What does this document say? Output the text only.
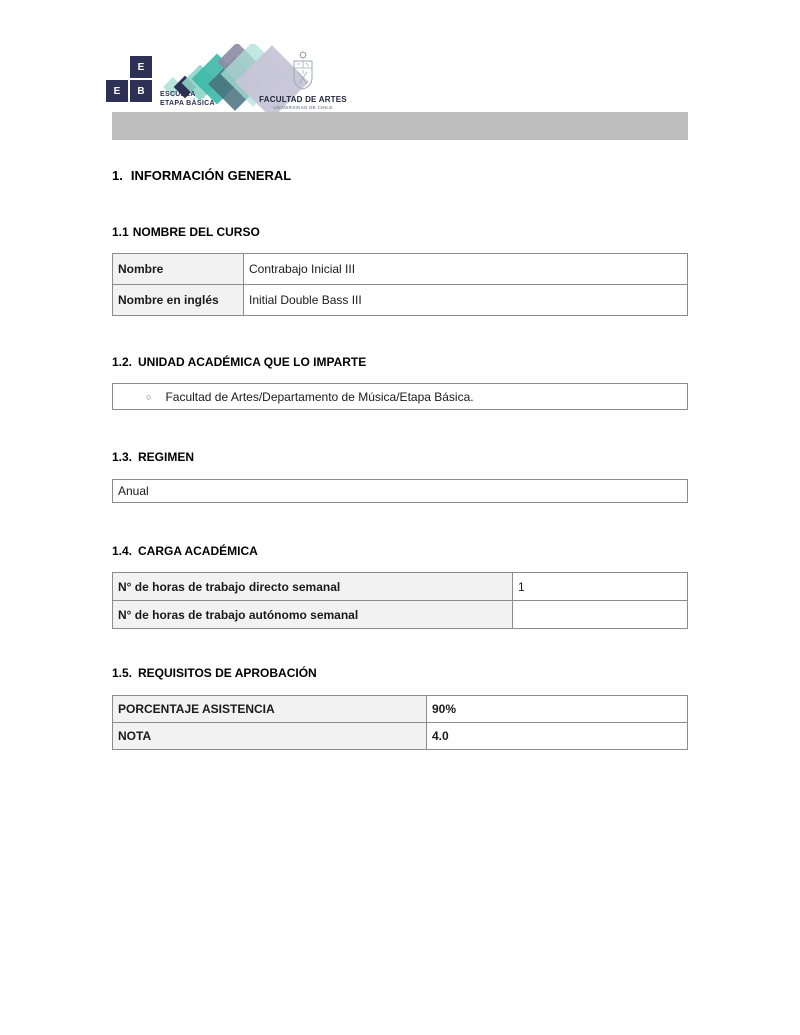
E
E	B	ESCUELA
ETAPA BÁSICA	FACULTAD DE ARTES
UNIVERSIDAD DE CHILE
1. INFORMACIÓN GENERAL
1.1 NOMBRE DEL CURSO
Nombre	Contrabajo Inicial III
Nombre en inglés	Initial Double Bass III
1.2. UNIDAD ACADÉMICA QUE LO IMPARTE
○ Facultad de Artes/Departamento de Música/Etapa Básica.
1.3. REGIMEN
Anual
1.4. CARGA ACADÉMICA
N° de horas de trabajo directo semanal	1
N° de horas de trabajo autónomo semanal	
1.5. REQUISITOS DE APROBACIÓN
PORCENTAJE ASISTENCIA	90%
NOTA	4.0
